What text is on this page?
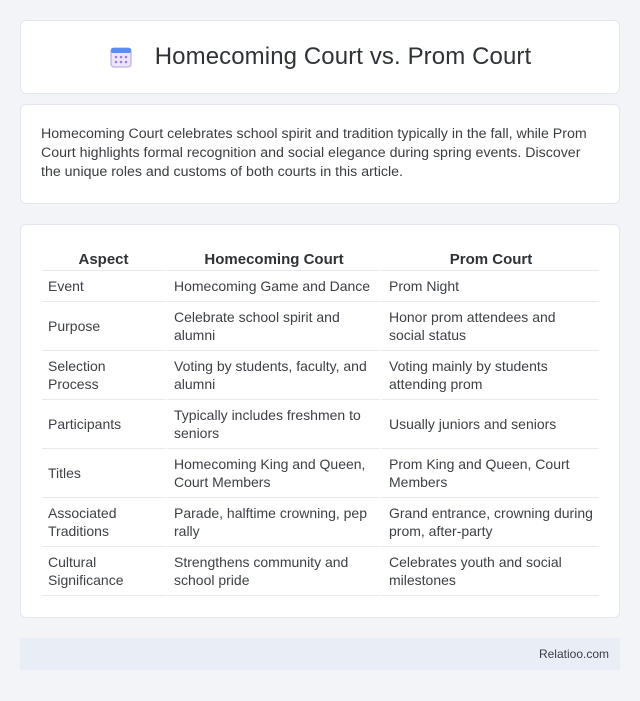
Homecoming Court vs. Prom Court

Homecoming Court celebrates school spirit and tradition typically in the fall, while Prom Court highlights formal recognition and social elegance during spring events. Discover the unique roles and customs of both courts in this article.

Aspect	Homecoming Court	Prom Court
Event	Homecoming Game and Dance	Prom Night
Purpose	Celebrate school spirit and alumni	Honor prom attendees and social status
Selection Process	Voting by students, faculty, and alumni	Voting mainly by students attending prom
Participants	Typically includes freshmen to seniors	Usually juniors and seniors
Titles	Homecoming King and Queen, Court Members	Prom King and Queen, Court Members
Associated Traditions	Parade, halftime crowning, pep rally	Grand entrance, crowning during prom, after-party
Cultural Significance	Strengthens community and school pride	Celebrates youth and social milestones
Relatioo.com
